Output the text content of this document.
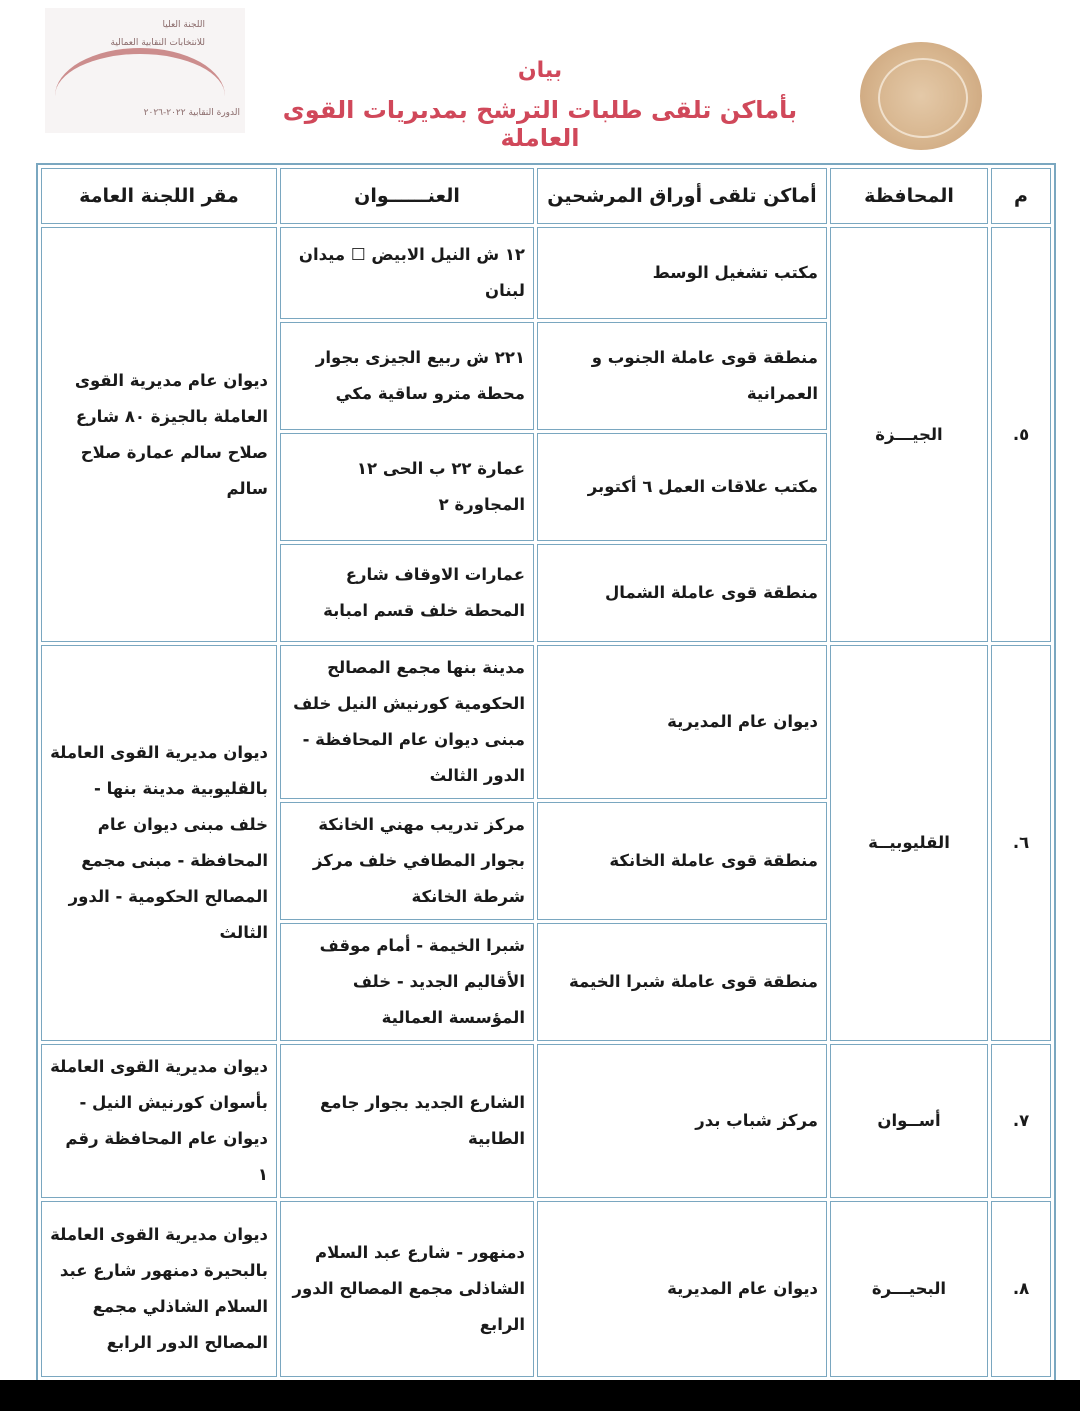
اللجنة العليا
للانتخابات النقابية العمالية
الدورة النقابية ٢٠٢٢-٢٠٢٦
بيان
بأماكن تلقى طلبات الترشح بمديريات القوى العاملة
م	المحافظة	أماكن تلقى أوراق المرشحين	العنــــــوان	مقر اللجنة العامة
٥.	الجيـــزة	مكتب تشغيل الوسط	١٢ ش النيل الابيض ☐ ميدان لبنان	ديوان عام مديرية القوى العاملة بالجيزة ٨٠ شارع صلاح سالم عمارة صلاح سالم
		منطقة قوى عاملة الجنوب و العمرانية	٢٢١ ش ربيع الجيزى بجوار محطة مترو ساقية مكي	
		مكتب علاقات العمل ٦ أكتوبر	عمارة ٢٢ ب الحى ١٢ المجاورة ٢	
		منطقة قوى عاملة الشمال	عمارات الاوقاف شارع المحطة خلف قسم امبابة	
٦.	القليوبيــة	ديوان عام المديرية	مدينة بنها مجمع المصالح الحكومية كورنيش النيل خلف مبنى ديوان عام المحافظة - الدور الثالث	ديوان مديرية القوى العاملة بالقليوبية مدينة بنها - خلف مبنى ديوان عام المحافظة - مبنى مجمع المصالح الحكومية - الدور الثالث
		منطقة قوى عاملة الخانكة	مركز تدريب مهني الخانكة بجوار المطافي خلف مركز شرطة الخانكة	
		منطقة قوى عاملة شبرا الخيمة	شبرا الخيمة - أمام موقف الأقاليم الجديد - خلف المؤسسة العمالية	
٧.	أســوان	مركز شباب بدر	الشارع الجديد بجوار جامع الطابية	ديوان مديرية القوى العاملة بأسوان كورنيش النيل - ديوان عام المحافظة رقم ١
٨.	البحيـــرة	ديوان عام المديرية	دمنهور - شارع عبد السلام الشاذلى مجمع المصالح الدور الرابع	ديوان مديرية القوى العاملة بالبحيرة دمنهور شارع عبد السلام الشاذلي مجمع المصالح الدور الرابع
